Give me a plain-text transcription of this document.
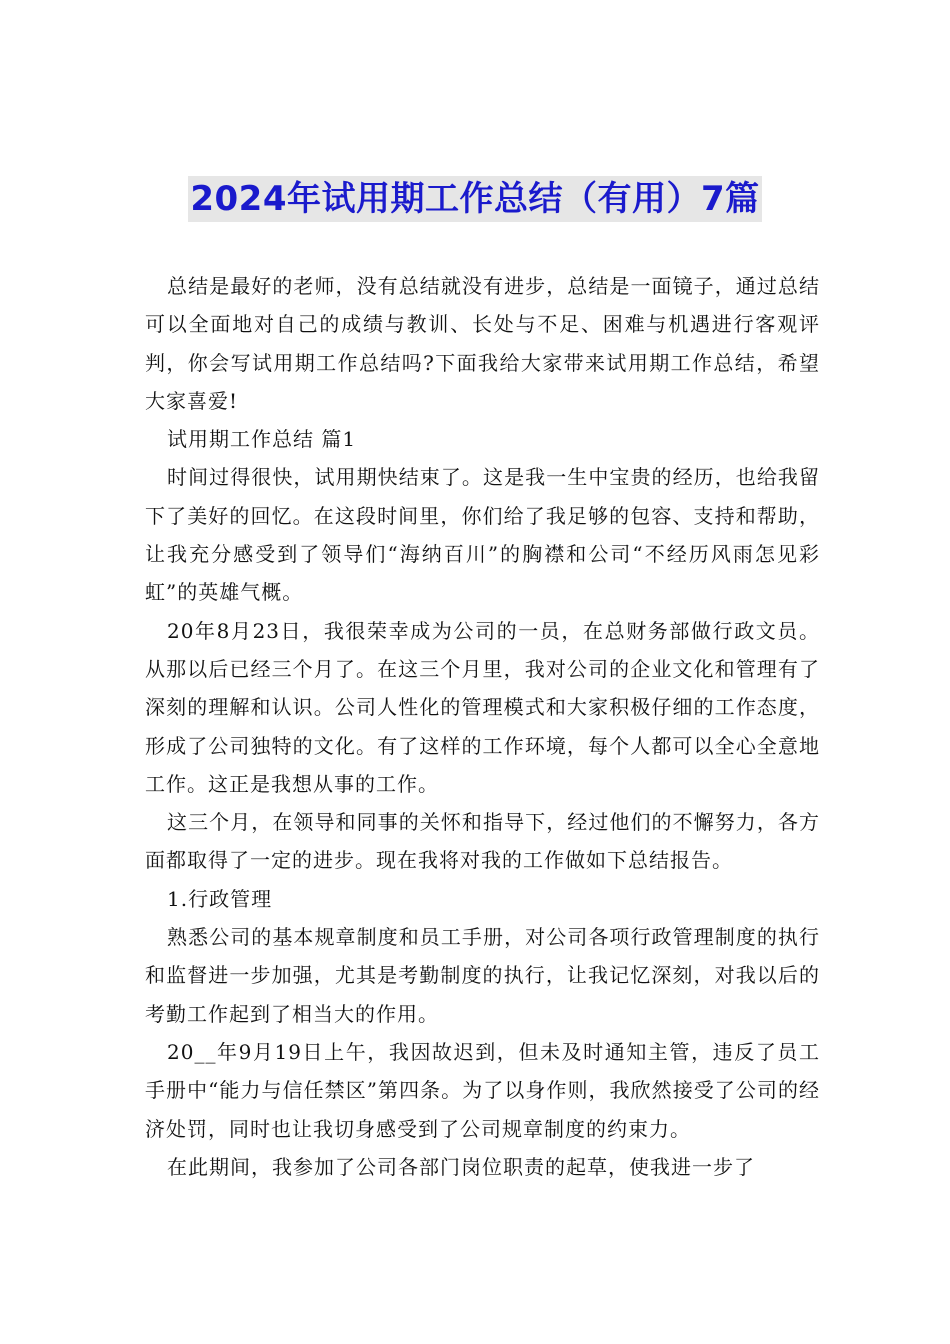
2024年试用期工作总结（有用）7篇

总结是最好的老师，没有总结就没有进步，总结是一面镜子，通过总结可以全面地对自己的成绩与教训、长处与不足、困难与机遇进行客观评判，你会写试用期工作总结吗?下面我给大家带来试用期工作总结，希望大家喜爱!

试用期工作总结 篇1

时间过得很快，试用期快结束了。这是我一生中宝贵的经历，也给我留下了美好的回忆。在这段时间里，你们给了我足够的包容、支持和帮助，让我充分感受到了领导们“海纳百川”的胸襟和公司“不经历风雨怎见彩虹”的英雄气概。

20年8月23日，我很荣幸成为公司的一员，在总财务部做行政文员。从那以后已经三个月了。在这三个月里，我对公司的企业文化和管理有了深刻的理解和认识。公司人性化的管理模式和大家积极仔细的工作态度，形成了公司独特的文化。有了这样的工作环境，每个人都可以全心全意地工作。这正是我想从事的工作。

这三个月，在领导和同事的关怀和指导下，经过他们的不懈努力，各方面都取得了一定的进步。现在我将对我的工作做如下总结报告。

1.行政管理

熟悉公司的基本规章制度和员工手册，对公司各项行政管理制度的执行和监督进一步加强，尤其是考勤制度的执行，让我记忆深刻，对我以后的考勤工作起到了相当大的作用。

20__年9月19日上午，我因故迟到，但未及时通知主管，违反了员工手册中“能力与信任禁区”第四条。为了以身作则，我欣然接受了公司的经济处罚，同时也让我切身感受到了公司规章制度的约束力。

在此期间，我参加了公司各部门岗位职责的起草，使我进一步了
